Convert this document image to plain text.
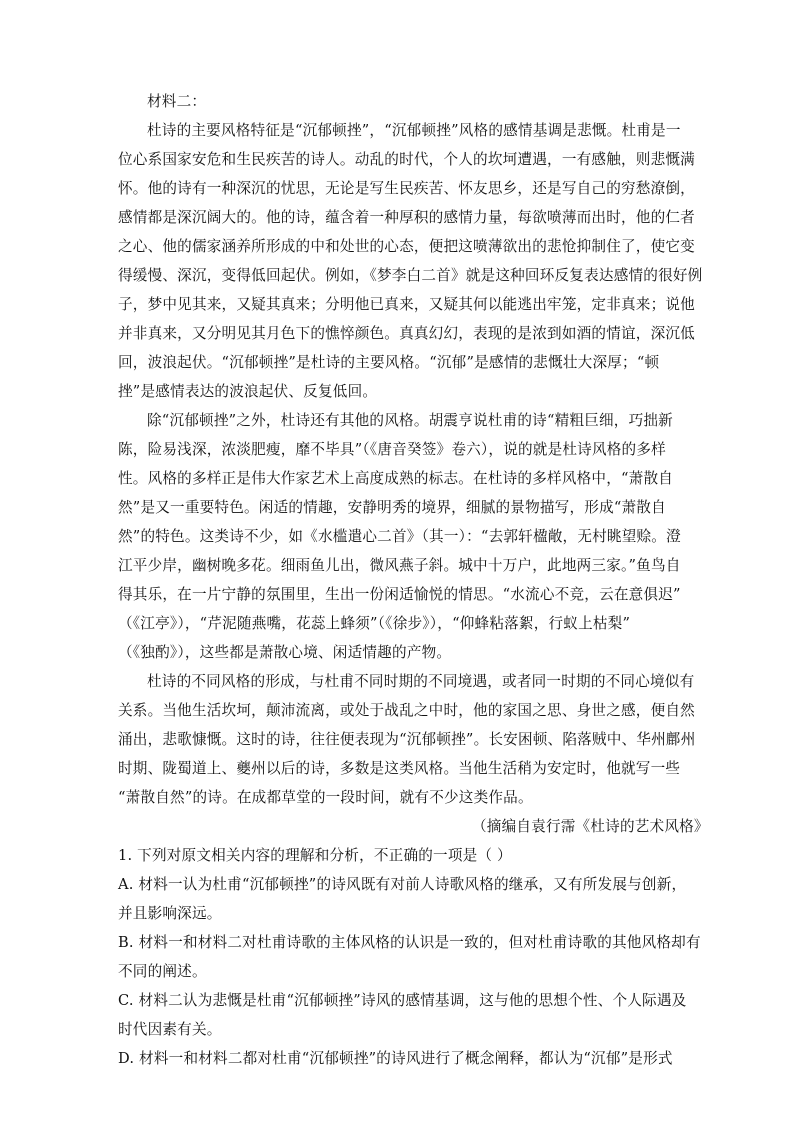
材料二：
杜诗的主要风格特征是“沉郁顿挫”，“沉郁顿挫”风格的感情基调是悲慨。杜甫是一
位心系国家安危和生民疾苦的诗人。动乱的时代，个人的坎坷遭遇，一有感触，则悲慨满
怀。他的诗有一种深沉的忧思，无论是写生民疾苦、怀友思乡，还是写自己的穷愁潦倒，
感情都是深沉阔大的。他的诗，蕴含着一种厚积的感情力量，每欲喷薄而出时，他的仁者
之心、他的儒家涵养所形成的中和处世的心态，便把这喷薄欲出的悲怆抑制住了，使它变
得缓慢、深沉，变得低回起伏。例如，《梦李白二首》就是这种回环反复表达感情的很好例
子，梦中见其来，又疑其真来；分明他已真来，又疑其何以能逃出牢笼，定非真来；说他
并非真来，又分明见其月色下的憔悴颜色。真真幻幻，表现的是浓到如酒的情谊，深沉低
回，波浪起伏。“沉郁顿挫”是杜诗的主要风格。“沉郁”是感情的悲慨壮大深厚；“顿
挫”是感情表达的波浪起伏、反复低回。
除“沉郁顿挫”之外，杜诗还有其他的风格。胡震亨说杜甫的诗“精粗巨细，巧拙新
陈，险易浅深，浓淡肥瘦，靡不毕具”（《唐音癸签》卷六），说的就是杜诗风格的多样
性。风格的多样正是伟大作家艺术上高度成熟的标志。在杜诗的多样风格中，“萧散自
然”是又一重要特色。闲适的情趣，安静明秀的境界，细腻的景物描写，形成“萧散自
然”的特色。这类诗不少，如《水槛遣心二首》（其一）：“去郭轩楹敞，无村眺望赊。澄
江平少岸，幽树晚多花。细雨鱼儿出，微风燕子斜。城中十万户，此地两三家。”鱼鸟自
得其乐，在一片宁静的氛围里，生出一份闲适愉悦的情思。“水流心不竞，云在意俱迟”
（《江亭》），“芹泥随燕嘴，花蕊上蜂须”（《徐步》），“仰蜂粘落絮，行蚁上枯梨”
（《独酌》），这些都是萧散心境、闲适情趣的产物。
杜诗的不同风格的形成，与杜甫不同时期的不同境遇，或者同一时期的不同心境似有
关系。当他生活坎坷，颠沛流离，或处于战乱之中时，他的家国之思、身世之感，便自然
涌出，悲歌慷慨。这时的诗，往往便表现为“沉郁顿挫”。长安困顿、陷落贼中、华州鄜州
时期、陇蜀道上、夔州以后的诗，多数是这类风格。当他生活稍为安定时，他就写一些
“萧散自然”的诗。在成都草堂的一段时间，就有不少这类作品。
（摘编自袁行霈《杜诗的艺术风格》
1. 下列对原文相关内容的理解和分析，不正确的一项是（ ）
A. 材料一认为杜甫“沉郁顿挫”的诗风既有对前人诗歌风格的继承，又有所发展与创新，
并且影响深远。
B. 材料一和材料二对杜甫诗歌的主体风格的认识是一致的，但对杜甫诗歌的其他风格却有
不同的阐述。
C. 材料二认为悲慨是杜甫“沉郁顿挫”诗风的感情基调，这与他的思想个性、个人际遇及
时代因素有关。
D. 材料一和材料二都对杜甫“沉郁顿挫”的诗风进行了概念阐释，都认为“沉郁”是形式
